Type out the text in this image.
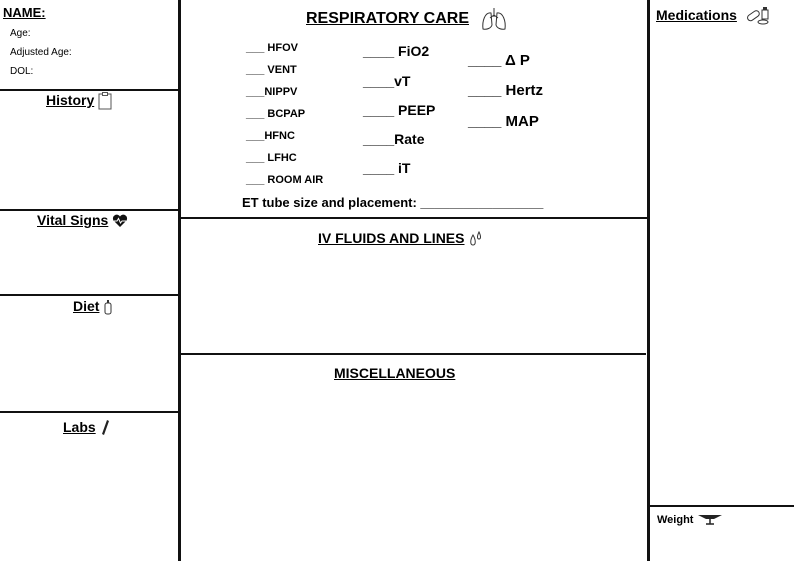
NAME:
Age:
Adjusted Age:
DOL:
History
Vital Signs
Diet
Labs
RESPIRATORY CARE
___ HFOV
___ VENT
___NIPPV
___ BCPAP
___HFNC
___ LFHC
___ ROOM AIR
____ FiO2
____vT
____ PEEP
____Rate
____ iT
____ Δ P
____ Hertz
____ MAP
ET tube size and placement: _________________
IV FLUIDS AND LINES
MISCELLANEOUS
Medications
Weight
